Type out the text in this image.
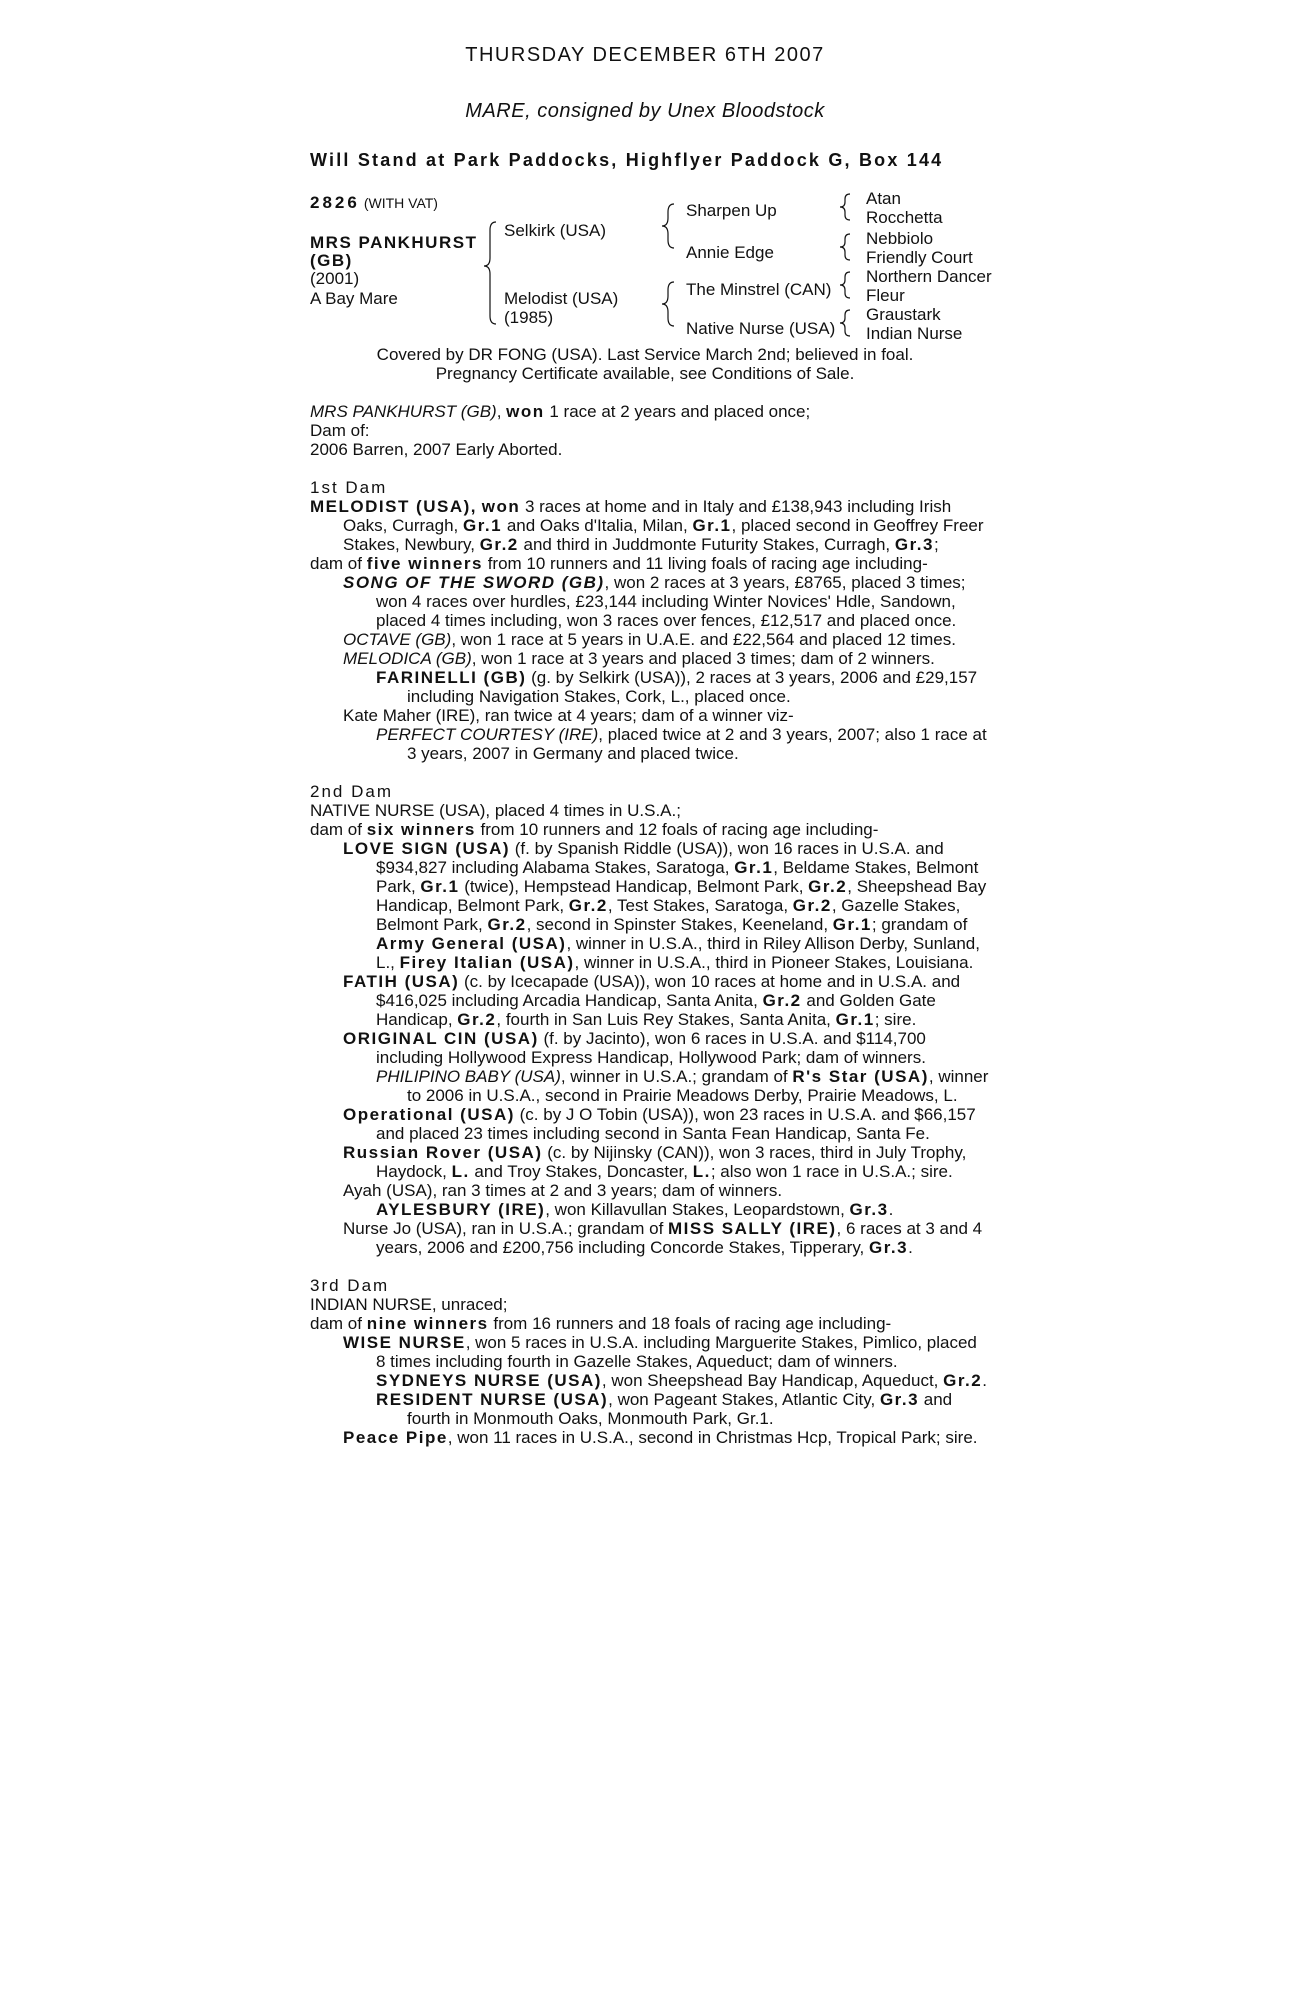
THURSDAY DECEMBER 6TH 2007
MARE, consigned by Unex Bloodstock
Will Stand at Park Paddocks, Highflyer Paddock G, Box 144
2826 (WITH VAT)
MRS PANKHURST
(GB)
(2001)
A Bay Mare
Selkirk (USA)
Melodist (USA)
(1985)
Sharpen Up
Annie Edge
The Minstrel (CAN)
Native Nurse (USA)
Atan
Rocchetta
Nebbiolo
Friendly Court
Northern Dancer
Fleur
Graustark
Indian Nurse
Covered by DR FONG (USA). Last Service March 2nd; believed in foal.
Pregnancy Certificate available, see Conditions of Sale.
MRS PANKHURST (GB), won 1 race at 2 years and placed once;
Dam of:
2006 Barren, 2007 Early Aborted.

1st Dam
MELODIST (USA), won 3 races at home and in Italy and £138,943 including Irish
Oaks, Curragh, Gr.1 and Oaks d'Italia, Milan, Gr.1, placed second in Geoffrey Freer
Stakes, Newbury, Gr.2 and third in Juddmonte Futurity Stakes, Curragh, Gr.3;
dam of five winners from 10 runners and 11 living foals of racing age including-
SONG OF THE SWORD (GB), won 2 races at 3 years, £8765, placed 3 times;
won 4 races over hurdles, £23,144 including Winter Novices' Hdle, Sandown,
placed 4 times including, won 3 races over fences, £12,517 and placed once.
OCTAVE (GB), won 1 race at 5 years in U.A.E. and £22,564 and placed 12 times.
MELODICA (GB), won 1 race at 3 years and placed 3 times; dam of 2 winners.
FARINELLI (GB) (g. by Selkirk (USA)), 2 races at 3 years, 2006 and £29,157
including Navigation Stakes, Cork, L., placed once.
Kate Maher (IRE), ran twice at 4 years; dam of a winner viz-
PERFECT COURTESY (IRE), placed twice at 2 and 3 years, 2007; also 1 race at
3 years, 2007 in Germany and placed twice.
2nd Dam
NATIVE NURSE (USA), placed 4 times in U.S.A.;
dam of six winners from 10 runners and 12 foals of racing age including-
LOVE SIGN (USA) (f. by Spanish Riddle (USA)), won 16 races in U.S.A. and
$934,827 including Alabama Stakes, Saratoga, Gr.1, Beldame Stakes, Belmont
Park, Gr.1 (twice), Hempstead Handicap, Belmont Park, Gr.2, Sheepshead Bay
Handicap, Belmont Park, Gr.2, Test Stakes, Saratoga, Gr.2, Gazelle Stakes,
Belmont Park, Gr.2, second in Spinster Stakes, Keeneland, Gr.1; grandam of
Army General (USA), winner in U.S.A., third in Riley Allison Derby, Sunland,
L., Firey Italian (USA), winner in U.S.A., third in Pioneer Stakes, Louisiana.
FATIH (USA) (c. by Icecapade (USA)), won 10 races at home and in U.S.A. and
$416,025 including Arcadia Handicap, Santa Anita, Gr.2 and Golden Gate
Handicap, Gr.2, fourth in San Luis Rey Stakes, Santa Anita, Gr.1; sire.
ORIGINAL CIN (USA) (f. by Jacinto), won 6 races in U.S.A. and $114,700
including Hollywood Express Handicap, Hollywood Park; dam of winners.
PHILIPINO BABY (USA), winner in U.S.A.; grandam of R's Star (USA), winner
to 2006 in U.S.A., second in Prairie Meadows Derby, Prairie Meadows, L.
Operational (USA) (c. by J O Tobin (USA)), won 23 races in U.S.A. and $66,157
and placed 23 times including second in Santa Fean Handicap, Santa Fe.
Russian Rover (USA) (c. by Nijinsky (CAN)), won 3 races, third in July Trophy,
Haydock, L. and Troy Stakes, Doncaster, L.; also won 1 race in U.S.A.; sire.
Ayah (USA), ran 3 times at 2 and 3 years; dam of winners.
AYLESBURY (IRE), won Killavullan Stakes, Leopardstown, Gr.3.
Nurse Jo (USA), ran in U.S.A.; grandam of MISS SALLY (IRE), 6 races at 3 and 4
years, 2006 and £200,756 including Concorde Stakes, Tipperary, Gr.3.
3rd Dam
INDIAN NURSE, unraced;
dam of nine winners from 16 runners and 18 foals of racing age including-
WISE NURSE, won 5 races in U.S.A. including Marguerite Stakes, Pimlico, placed
8 times including fourth in Gazelle Stakes, Aqueduct; dam of winners.
SYDNEYS NURSE (USA), won Sheepshead Bay Handicap, Aqueduct, Gr.2.
RESIDENT NURSE (USA), won Pageant Stakes, Atlantic City, Gr.3 and
fourth in Monmouth Oaks, Monmouth Park, Gr.1.
Peace Pipe, won 11 races in U.S.A., second in Christmas Hcp, Tropical Park; sire.
